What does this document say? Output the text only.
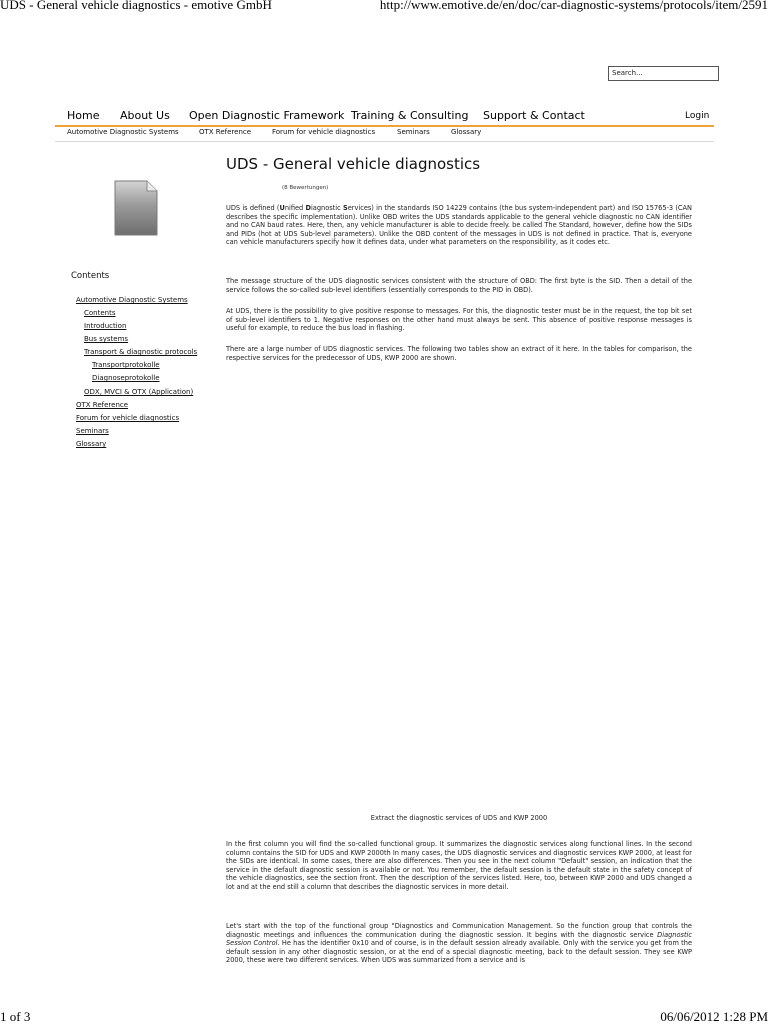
UDS - General vehicle diagnostics - emotive GmbH	http://www.emotive.de/en/doc/car-diagnostic-systems/protocols/item/2591
Search...
Home About Us Open Diagnostic Framework Training & Consulting Support & Contact	Login
Automotive Diagnostic Systems	OTX Reference	Forum for vehicle diagnostics	Seminars	Glossary
Contents
Automotive Diagnostic Systems
Contents
Introduction
Bus systems
Transport & diagnostic protocols
Transportprotokolle
Diagnoseprotokolle
ODX, MVCI & OTX (Application)
OTX Reference
Forum for vehicle diagnostics
Seminars
Glossary
UDS - General vehicle diagnostics
(8 Bewertungen)

UDS is defined (Unified Diagnostic Services) in the standards ISO 14229 contains (the bus system-independent part) and ISO 15765-3 (CAN describes the specific implementation). Unlike OBD writes the UDS standards applicable to the general vehicle diagnostic no CAN identifier and no CAN baud rates. Here, then, any vehicle manufacturer is able to decide freely. be called The Standard, however, define how the SIDs and PIDs (hot at UDS Sub-level parameters). Unlike the OBD content of the messages in UDS is not defined in practice. That is, everyone can vehicle manufacturers specify how it defines data, under what parameters on the responsibility, as it codes etc.

The message structure of the UDS diagnostic services consistent with the structure of OBD: The first byte is the SID. Then a detail of the service follows the so-called sub-level identifiers (essentially corresponds to the PID in OBD).

At UDS, there is the possibility to give positive response to messages. For this, the diagnostic tester must be in the request, the top bit set of sub-level identifiers to 1. Negative responses on the other hand must always be sent. This absence of positive response messages is useful for example, to reduce the bus load in flashing.

There are a large number of UDS diagnostic services. The following two tables show an extract of it here. In the tables for comparison, the respective services for the predecessor of UDS, KWP 2000 are shown.

Extract the diagnostic services of UDS and KWP 2000

In the first column you will find the so-called functional group. It summarizes the diagnostic services along functional lines. In the second column contains the SID for UDS and KWP 2000th In many cases, the UDS diagnostic services and diagnostic services KWP 2000, at least for the SIDs are identical. In some cases, there are also differences. Then you see in the next column "Default" session, an indication that the service in the default diagnostic session is available or not. You remember, the default session is the default state in the safety concept of the vehicle diagnostics, see the section front. Then the description of the services listed. Here, too, between KWP 2000 and UDS changed a lot and at the end still a column that describes the diagnostic services in more detail.

Let's start with the top of the functional group "Diagnostics and Communication Management. So the function group that controls the diagnostic meetings and influences the communication during the diagnostic session. It begins with the diagnostic service Diagnostic Session Control. He has the identifier 0x10 and of course, is in the default session already available. Only with the service you get from the default session in any other diagnostic session, or at the end of a special diagnostic meeting, back to the default session. They see KWP 2000, these were two different services. When UDS was summarized from a service and is

1 of 3	06/06/2012 1:28 PM
